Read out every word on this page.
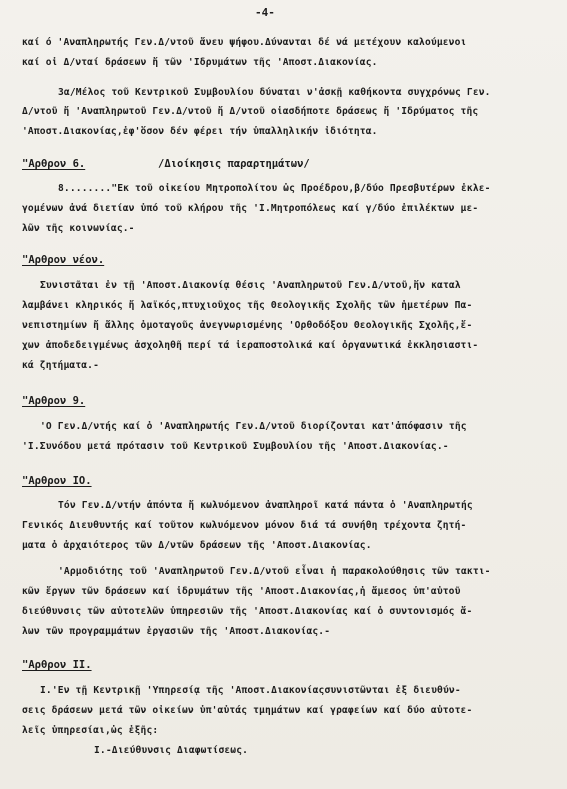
-4-
καί ό 'Αναπληρωτής Γεν.Δ/ντοῦ ἄνευ ψήφου.Δύνανται δέ νά μετέχουν καλούμενοι
καί οἱ Δ/νταί δράσεων ἤ τῶν 'Ιδρυμάτων τῆς 'Αποστ.Διακονίας.
3α/Μέλος τοῦ Κεντρικοῦ Συμβουλίου δύναται ν'ἀσκῇ καθήκοντα συγχρόνως Γεν.
Δ/ντοῦ ἤ 'Αναπληρωτοῦ Γεν.Δ/ντοῦ ἤ Δ/ντοῦ οἱασδήποτε δράσεως ἤ 'Ιδρύματος τῆς
'Αποστ.Διακονίας,ἐφ'ὅσον δέν φέρει τήν ὑπαλληλικήν ἰδιότητα.
"Αρθρον 6.	/Διοίκησις παραρτημάτων/
8........"Εκ τοῦ οἰκείου Μητροπολίτου ὡς Προέδρου,β/δύο Πρεσβυτέρων ἐκλε-
γομένων ἀνά διετίαν ὑπό τοῦ κλήρου τῆς 'Ι.Μητροπόλεως καί γ/δύο ἐπιλέκτων με-
λῶν τῆς κοινωνίας.-
"Αρθρον νέον.
Συνιστᾶται ἐν τῇ 'Αποστ.Διακονίᾳ θέσις 'Αναπληρωτοῦ Γεν.Δ/ντοῦ,ἥν καταλ
λαμβάνει κληρικός ἤ λαϊκός,πτυχιοῦχος τῆς Θεολογικῆς Σχολῆς τῶν ἡμετέρων Πα-
νεπιστημίων ἤ ἄλλης ὁμοταγοῦς ἀνεγνωρισμένης 'Ορθοδόξου Θεολογικῆς Σχολῆς,ἔ-
χων ἀποδεδειγμένως ἀσχοληθῆ περί τά ἱεραποστολικά καί ὀργανωτικά ἐκκλησιαστι-
κά ζητήματα.-
"Αρθρον 9.
'Ο Γεν.Δ/ντής καί ὁ 'Αναπληρωτής Γεν.Δ/ντοῦ διορίζονται κατ'ἀπόφασιν τῆς
'Ι.Συνόδου μετά πρότασιν τοῦ Κεντρικοῦ Συμβουλίου τῆς 'Αποστ.Διακονίας.-
"Αρθρον IO.
Τόν Γεν.Δ/ντήν ἀπόντα ἤ κωλυόμενον ἀναπληροῖ κατά πάντα ὁ 'Αναπληρωτής
Γενικός Διευθυντής καί τοῦτον κωλυόμενον μόνον διά τά συνήθη τρέχοντα ζητή-
ματα ὁ ἀρχαιότερος τῶν Δ/ντῶν δράσεων τῆς 'Αποστ.Διακονίας.
'Αρμοδιότης τοῦ 'Αναπληρωτοῦ Γεν.Δ/ντοῦ εἶναι ἡ παρακολούθησις τῶν τακτι-
κῶν ἔργων τῶν δράσεων καί ἱδρυμάτων τῆς 'Αποστ.Διακονίας,ἡ ἄμεσος ὑπ'αὐτοῦ
διεύθυνσις τῶν αὐτοτελῶν ὑπηρεσιῶν τῆς 'Αποστ.Διακονίας καί ὁ συντονισμός ἄ-
λων τῶν προγραμμάτων ἐργασιῶν τῆς 'Αποστ.Διακονίας.-
"Αρθρον II.
I.'Εν τῇ Κεντρικῇ 'Υπηρεσίᾳ τῆς 'Αποστ.Διακονίαςσυνιστῶνται ἐξ διευθύν-
σεις δράσεων μετά τῶν οἰκείων ὑπ'αὐτάς τμημάτων καί γραφείων καί δύο αὐτοτε-
λεῖς ὑπηρεσίαι,ὡς ἑξῆς:
I.-Διεύθυνσις Διαφωτίσεως.
